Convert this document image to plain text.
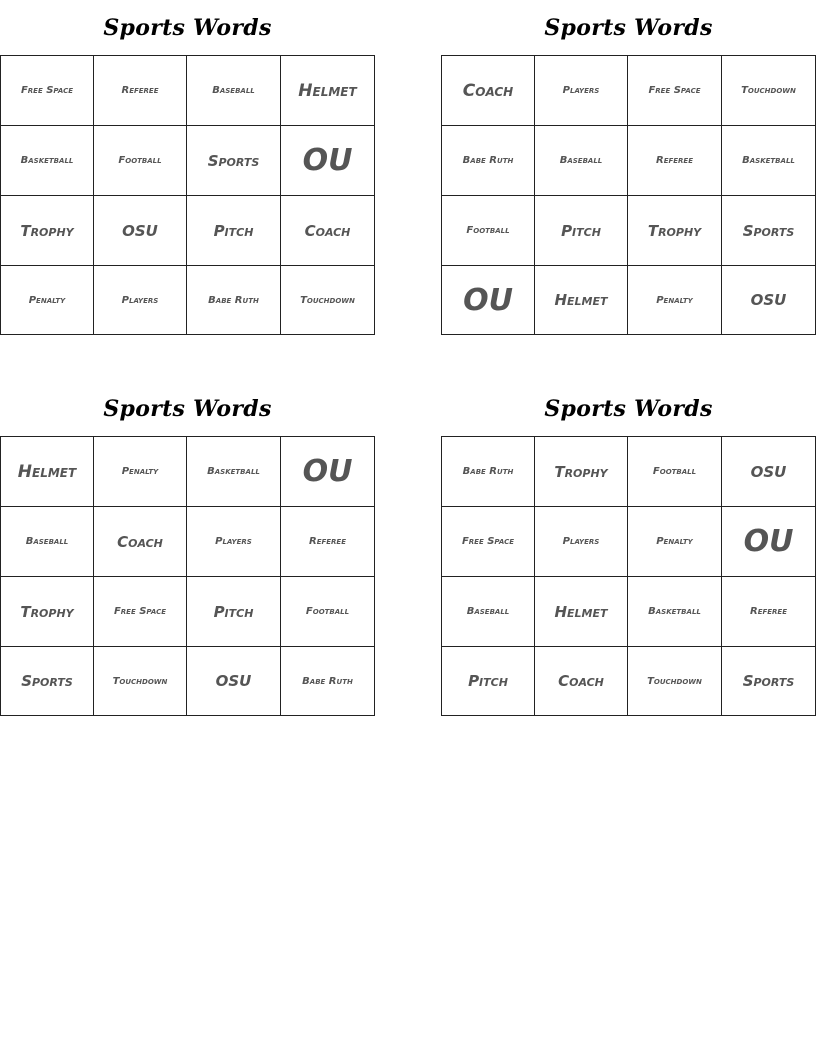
Sports Words
Free Space	Referee	Baseball	Helmet
Basketball	Football	Sports	OU
Trophy	OSU	Pitch	Coach
Penalty	Players	Babe Ruth	Touchdown
Sports Words
Coach	Players	Free Space	Touchdown
Babe Ruth	Baseball	Referee	Basketball
Football	Pitch	Trophy	Sports
OU	Helmet	Penalty	OSU
Sports Words
Helmet	Penalty	Basketball	OU
Baseball	Coach	Players	Referee
Trophy	Free Space	Pitch	Football
Sports	Touchdown	OSU	Babe Ruth
Sports Words
Babe Ruth	Trophy	Football	OSU
Free Space	Players	Penalty	OU
Baseball	Helmet	Basketball	Referee
Pitch	Coach	Touchdown	Sports
